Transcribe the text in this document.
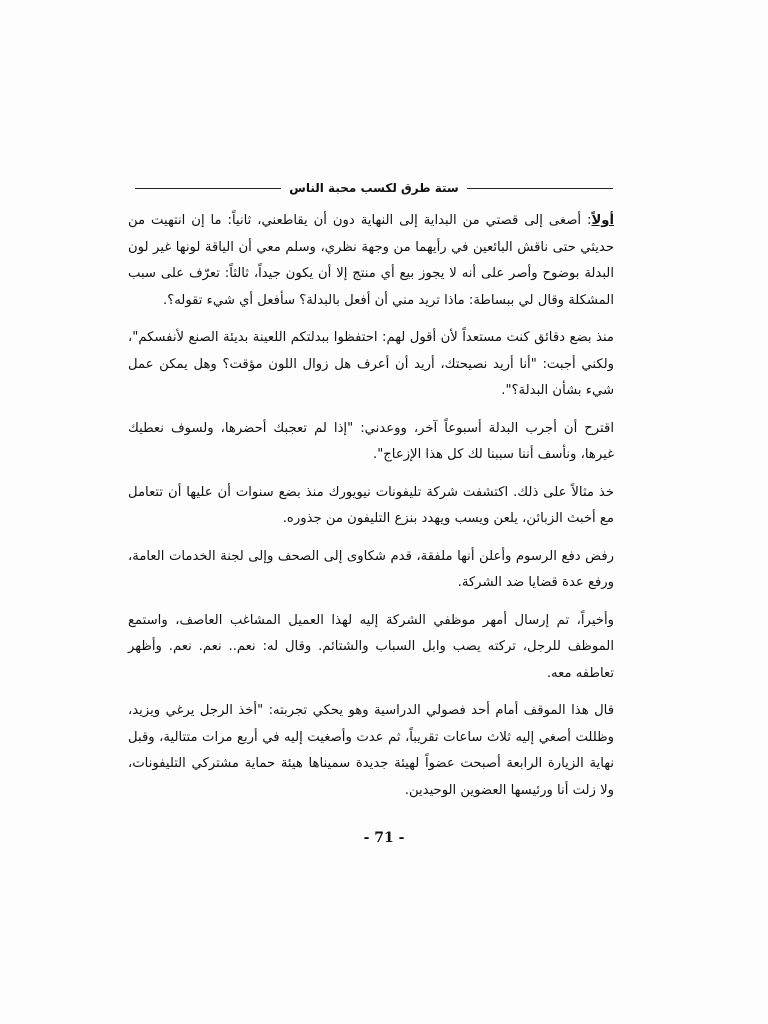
ستة طرق لكسب محبة الناس

أولاً: أصغى إلى قصتي من البداية إلى النهاية دون أن يقاطعني، ثانياً: ما إن انتهيت من حديثي حتى ناقش البائعين في رأيهما من وجهة نظري، وسلم معي أن الياقة لونها غير لون البدلة بوضوح وأصر على أنه لا يجوز بيع أي منتج إلا أن يكون جيداً، ثالثاً: تعرّف على سبب المشكلة وقال لي ببساطة: ماذا تريد مني أن أفعل بالبدلة؟ سأفعل أي شيء تقوله؟.

منذ بضع دقائق كنت مستعداً لأن أقول لهم: احتفظوا ببدلتكم اللعينة بديئة الصنع لأنفسكم"، ولكني أجبت: "أنا أريد نصيحتك، أريد أن أعرف هل زوال اللون مؤقت؟ وهل يمكن عمل شيء بشأن البدلة؟".

اقترح أن أجرب البدلة أسبوعاً آخر، ووعدني: "إذا لم تعجبك أحضرها، ولسوف نعطيك غيرها، ونأسف أننا سببنا لك كل هذا الإزعاج".

خذ مثالاً على ذلك. اكتشفت شركة تليفونات نيويورك منذ بضع سنوات أن عليها أن تتعامل مع أخبث الزبائن، يلعن ويسب ويهدد بنزع التليفون من جذوره.

رفض دفع الرسوم وأعلن أنها ملفقة، قدم شكاوى إلى الصحف وإلى لجنة الخدمات العامة، ورفع عدة قضايا ضد الشركة.

وأخيراً، تم إرسال أمهر موظفي الشركة إليه لهذا العميل المشاغب العاصف، واستمع الموظف للرجل، تركته يصب وابل السباب والشتائم. وقال له: نعم.. نعم. نعم. وأظهر تعاطفه معه.

قال هذا الموقف أمام أحد فصولي الدراسية وهو يحكي تجربته: "أخذ الرجل يرغي ويزيد، وظللت أصغي إليه ثلاث ساعات تقريباً، ثم عدت وأصغيت إليه في أربع مرات متتالية، وقبل نهاية الزيارة الرابعة أصبحت عضواً لهيئة جديدة سميناها هيئة حماية مشتركي التليفونات، ولا زلت أنا ورئيسها العضوين الوحيدين.

- 71 -
